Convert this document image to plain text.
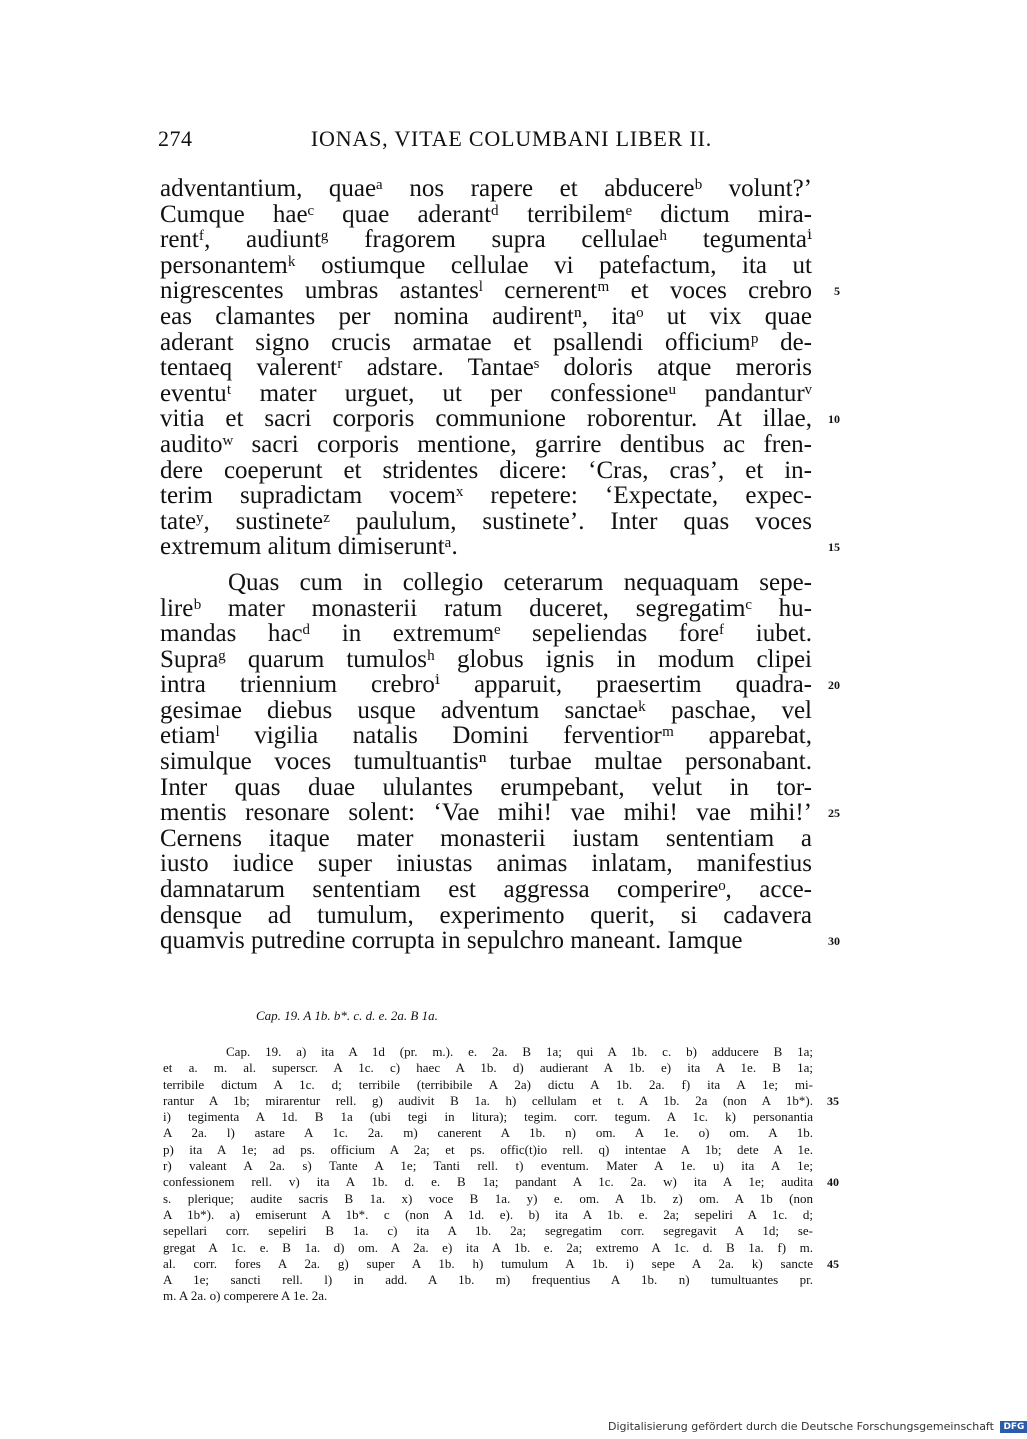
274	IONAS, VITAE COLUMBANI LIBER II.
adventantium, quaeᵃ nos rapere et abducereᵇ volunt?’
Cumque haeᶜ quae aderantᵈ terribilemᵉ dictum mira-
rentᶠ, audiuntᵍ fragorem supra cellulaeʰ tegumentaⁱ
personantemᵏ ostiumque cellulae vi patefactum, ita ut
nigrescentes umbras astantesˡ cernerentᵐ et voces crebro 5
eas clamantes per nomina audirentⁿ, itaᵒ ut vix quae
aderant signo crucis armatae et psallendi officiumᵖ de-
tentaeq valerentʳ adstare. Tantaeˢ doloris atque meroris
eventuᵗ mater urguet, ut per confessioneᵘ pandanturᵛ
vitia et sacri corporis communione roborentur. At illae, 10
auditoʷ sacri corporis mentione, garrire dentibus ac fren-
dere coeperunt et stridentes dicere: ‘Cras, cras’, et in-
terim supradictam vocemˣ repetere: ‘Expectate, expec-
tateʸ, sustineteᶻ paululum, sustinete’. Inter quas voces
extremum alitum dimiseruntᵃ.	15
Quas cum in collegio ceterarum nequaquam sepe-
lireᵇ mater monasterii ratum duceret, segregatimᶜ hu-
mandas hacᵈ in extremumᵉ sepeliendas foreᶠ iubet.
Supraᵍ quarum tumulosʰ globus ignis in modum clipei
intra triennium crebroⁱ apparuit, praesertim quadra- 20
gesimae diebus usque adventum sanctaeᵏ paschae, vel
etiamˡ vigilia natalis Domini ferventiorᵐ apparebat,
simulque voces tumultuantisⁿ turbae multae personabant.
Inter quas duae ululantes erumpebant, velut in tor-
mentis resonare solent: ‘Vae mihi! vae mihi! vae mihi!’ 25
Cernens itaque mater monasterii iustam sententiam a
iusto iudice super iniustas animas inlatam, manifestius
damnatarum sententiam est aggressa comperireᵒ, acce-
densque ad tumulum, experimento querit, si cadavera
quamvis putredine corrupta in sepulchro maneant. Iamque	30
Cap. 19. A 1b. b*. c. d. e. 2a. B 1a.
Cap. 19. a) ita A 1d (pr. m.). e. 2a. B 1a; qui A 1b. c. b) adducere B 1a;
et a. m. al. superscr. A 1c. c) haec A 1b. d) audierant A 1b. e) ita A 1e. B 1a;
terribile dictum A 1c. d; terribile (terribibile A 2a) dictu A 1b. 2a. f) ita A 1e; mi-
rantur A 1b; mirarentur rell. g) audivit B 1a. h) cellulam et t. A 1b. 2a (non A 1b*). 35
i) tegimenta A 1d. B 1a (ubi tegi in litura); tegim. corr. tegum. A 1c. k) personantia
A 2a. l) astare A 1c. 2a. m) canerent A 1b. n) om. A 1e. o) om. A 1b.
p) ita A 1e; ad ps. officium A 2a; et ps. offic(t)io rell. q) intentae A 1b; dete A 1e.
r) valeant A 2a. s) Tante A 1e; Tanti rell. t) eventum. Mater A 1e. u) ita A 1e;
confessionem rell. v) ita A 1b. d. e. B 1a; pandant A 1c. 2a. w) ita A 1e; audita 40
s. plerique; audite sacris B 1a. x) voce B 1a. y) e. om. A 1b. z) om. A 1b (non
A 1b*). a) emiserunt A 1b*. c (non A 1d. e). b) ita A 1b. e. 2a; sepeliri A 1c. d;
sepellari corr. sepeliri B 1a. c) ita A 1b. 2a; segregatim corr. segregavit A 1d; se-
gregat A 1c. e. B 1a. d) om. A 2a. e) ita A 1b. e. 2a; extremo A 1c. d. B 1a. f) m.
al. corr. fores A 2a. g) super A 1b. h) tumulum A 1b. i) sepe A 2a. k) sancte 45
A 1e; sancti rell. l) in add. A 1b. m) frequentius A 1b. n) tumultuantes pr.
m. A 2a. o) comperere A 1e. 2a.
Digitalisierung gefördert durch die Deutsche Forschungsgemeinschaft DFG
